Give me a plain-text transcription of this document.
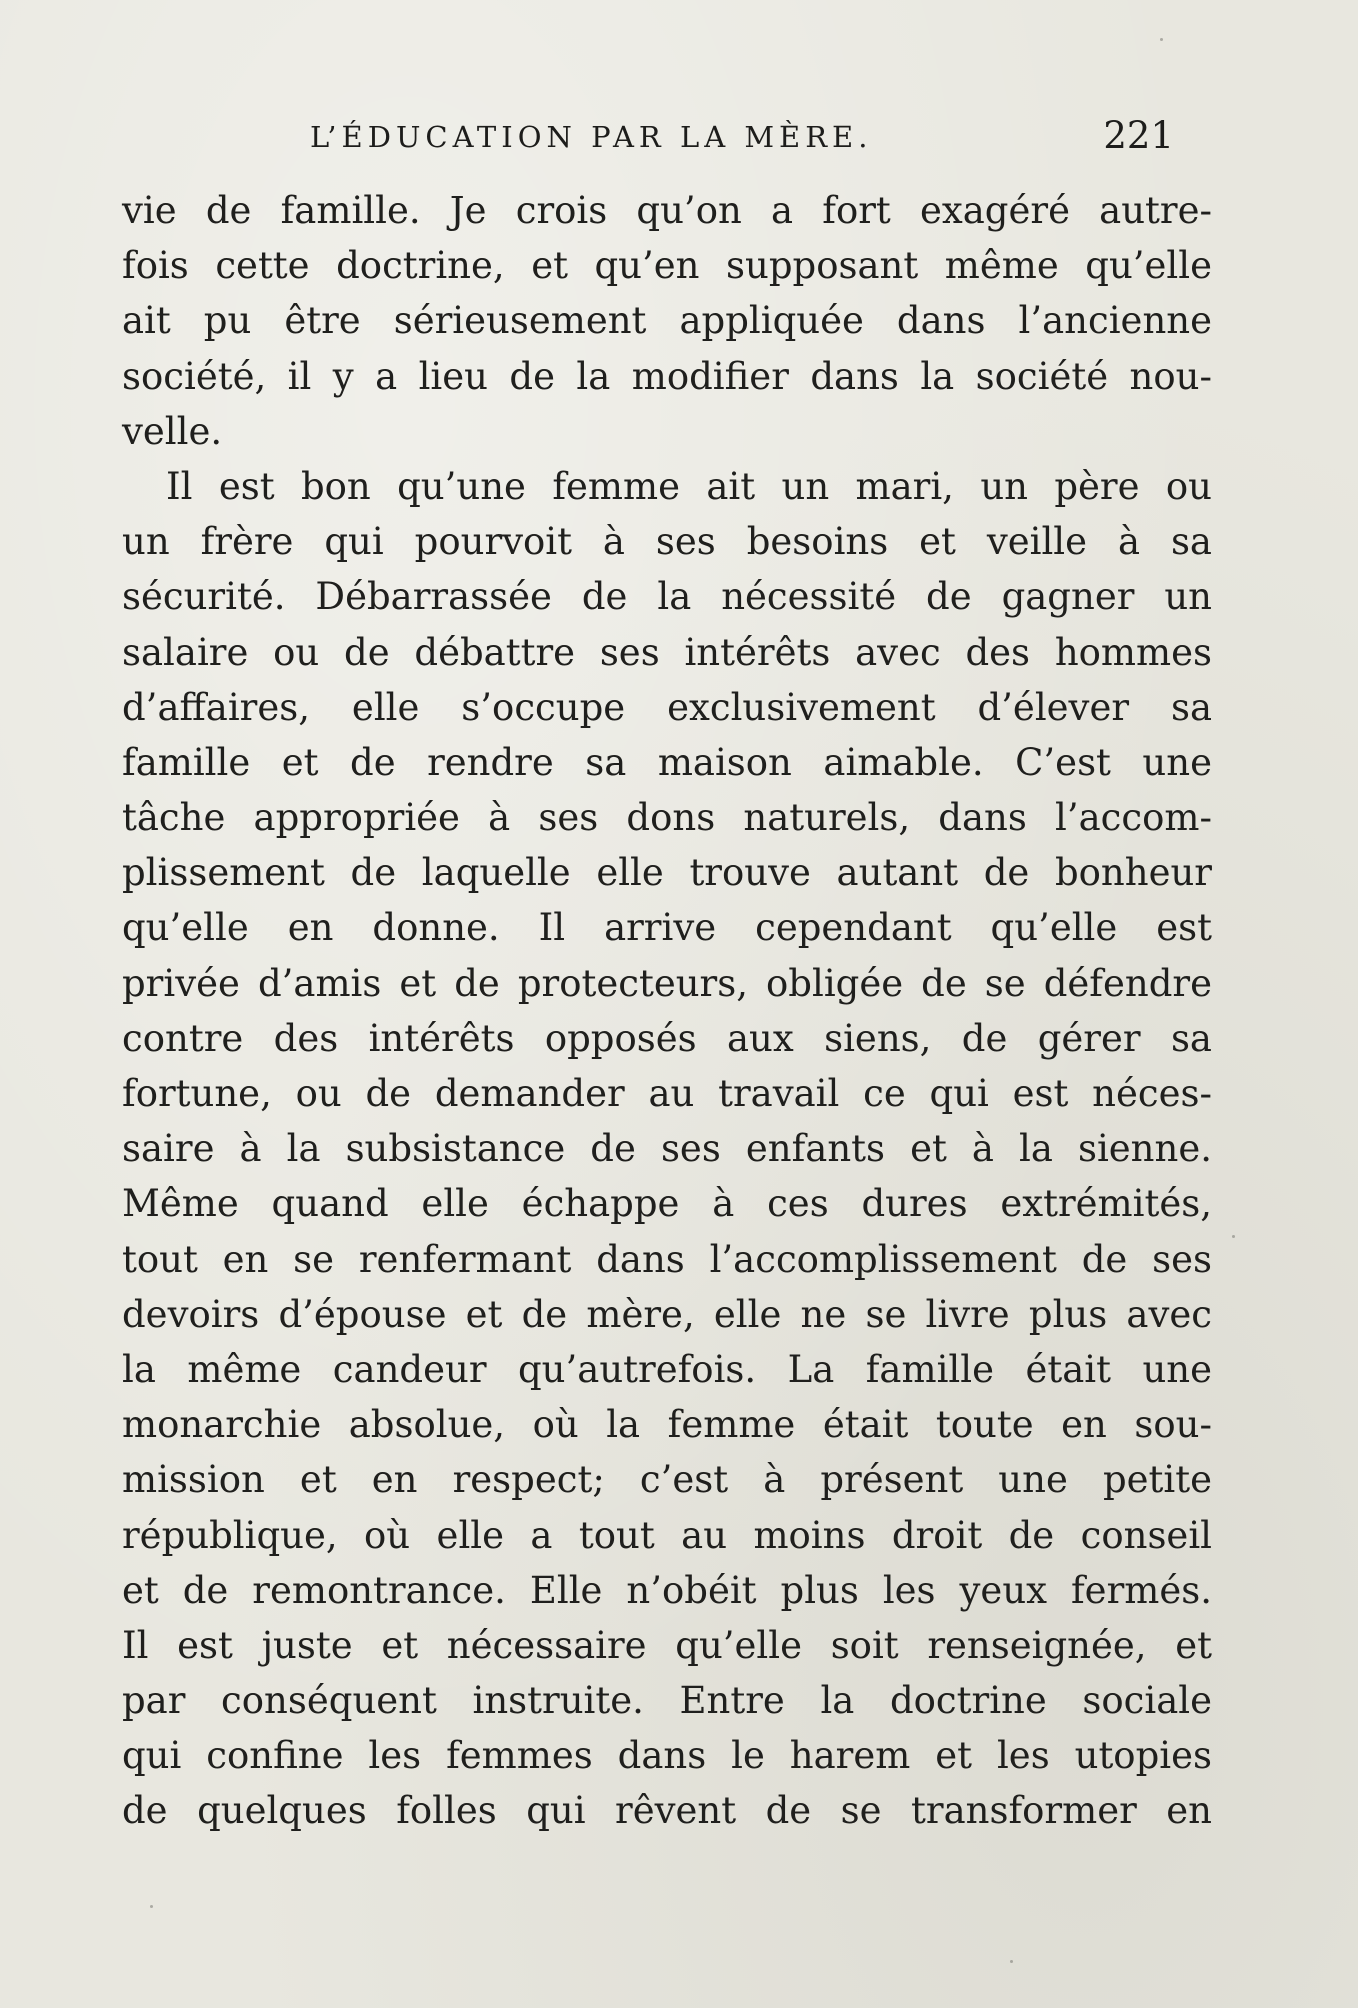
L’ÉDUCATION PAR LA MÈRE.	221
vie de famille. Je crois qu’on a fort exagéré autre-
fois cette doctrine, et qu’en supposant même qu’elle
ait pu être sérieusement appliquée dans l’ancienne
société, il y a lieu de la modifier dans la société nou-
velle.
Il est bon qu’une femme ait un mari, un père ou
un frère qui pourvoit à ses besoins et veille à sa
sécurité. Débarrassée de la nécessité de gagner un
salaire ou de débattre ses intérêts avec des hommes
d’affaires, elle s’occupe exclusivement d’élever sa
famille et de rendre sa maison aimable. C’est une
tâche appropriée à ses dons naturels, dans l’accom-
plissement de laquelle elle trouve autant de bonheur
qu’elle en donne. Il arrive cependant qu’elle est
privée d’amis et de protecteurs, obligée de se défendre
contre des intérêts opposés aux siens, de gérer sa
fortune, ou de demander au travail ce qui est néces-
saire à la subsistance de ses enfants et à la sienne.
Même quand elle échappe à ces dures extrémités,
tout en se renfermant dans l’accomplissement de ses
devoirs d’épouse et de mère, elle ne se livre plus avec
la même candeur qu’autrefois. La famille était une
monarchie absolue, où la femme était toute en sou-
mission et en respect; c’est à présent une petite
république, où elle a tout au moins droit de conseil
et de remontrance. Elle n’obéit plus les yeux fermés.
Il est juste et nécessaire qu’elle soit renseignée, et
par conséquent instruite. Entre la doctrine sociale
qui confine les femmes dans le harem et les utopies
de quelques folles qui rêvent de se transformer en
